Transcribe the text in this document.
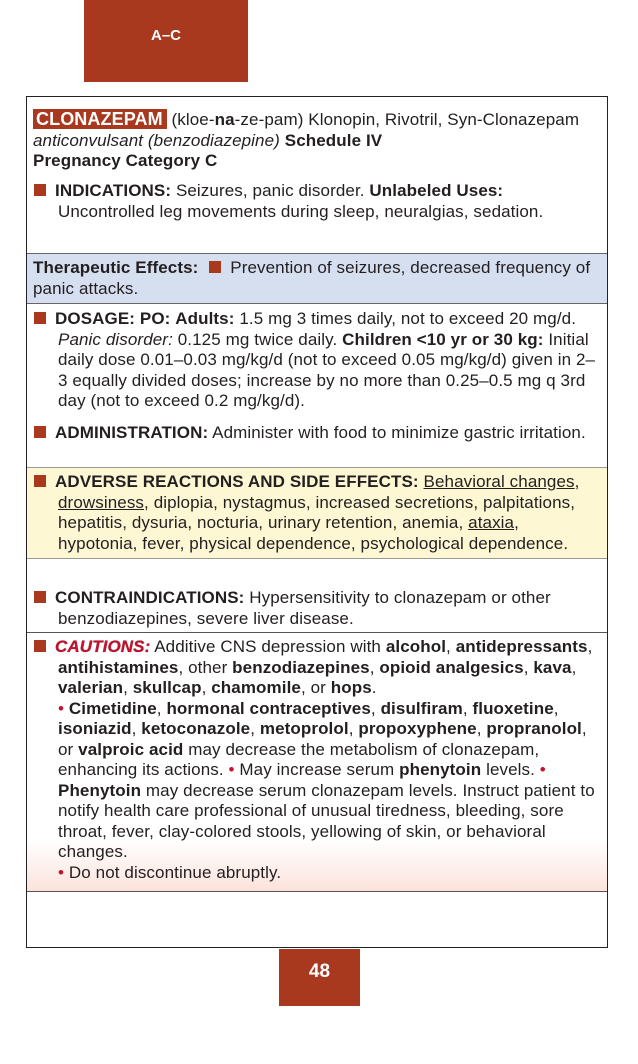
A–C
CLONAZEPAM (kloe-na-ze-pam) Klonopin, Rivotril, Syn-Clonazepam anticonvulsant (benzodiazepine) Schedule IV
Pregnancy Category C
INDICATIONS: Seizures, panic disorder. Unlabeled Uses: Uncontrolled leg movements during sleep, neuralgias, sedation.
Therapeutic Effects: Prevention of seizures, decreased frequency of panic attacks.
DOSAGE: PO: Adults: 1.5 mg 3 times daily, not to exceed 20 mg/d. Panic disorder: 0.125 mg twice daily. Children <10 yr or 30 kg: Initial daily dose 0.01–0.03 mg/kg/d (not to exceed 0.05 mg/kg/d) given in 2–3 equally divided doses; increase by no more than 0.25–0.5 mg q 3rd day (not to exceed 0.2 mg/kg/d).
ADMINISTRATION: Administer with food to minimize gastric irritation.
ADVERSE REACTIONS AND SIDE EFFECTS: Behavioral changes, drowsiness, diplopia, nystagmus, increased secretions, palpitations, hepatitis, dysuria, nocturia, urinary retention, anemia, ataxia, hypotonia, fever, physical dependence, psychological dependence.
CONTRAINDICATIONS: Hypersensitivity to clonazepam or other benzodiazepines, severe liver disease.
CAUTIONS: Additive CNS depression with alcohol, antidepressants, antihistamines, other benzodiazepines, opioid analgesics, kava, valerian, skullcap, chamomile, or hops.
• Cimetidine, hormonal contraceptives, disulfiram, fluoxetine, isoniazid, ketoconazole, metoprolol, propoxyphene, propranolol, or valproic acid may decrease the metabolism of clonazepam, enhancing its actions. • May increase serum phenytoin levels. • Phenytoin may decrease serum clonazepam levels. Instruct patient to notify health care professional of unusual tiredness, bleeding, sore throat, fever, clay-colored stools, yellowing of skin, or behavioral changes.
• Do not discontinue abruptly.
48
